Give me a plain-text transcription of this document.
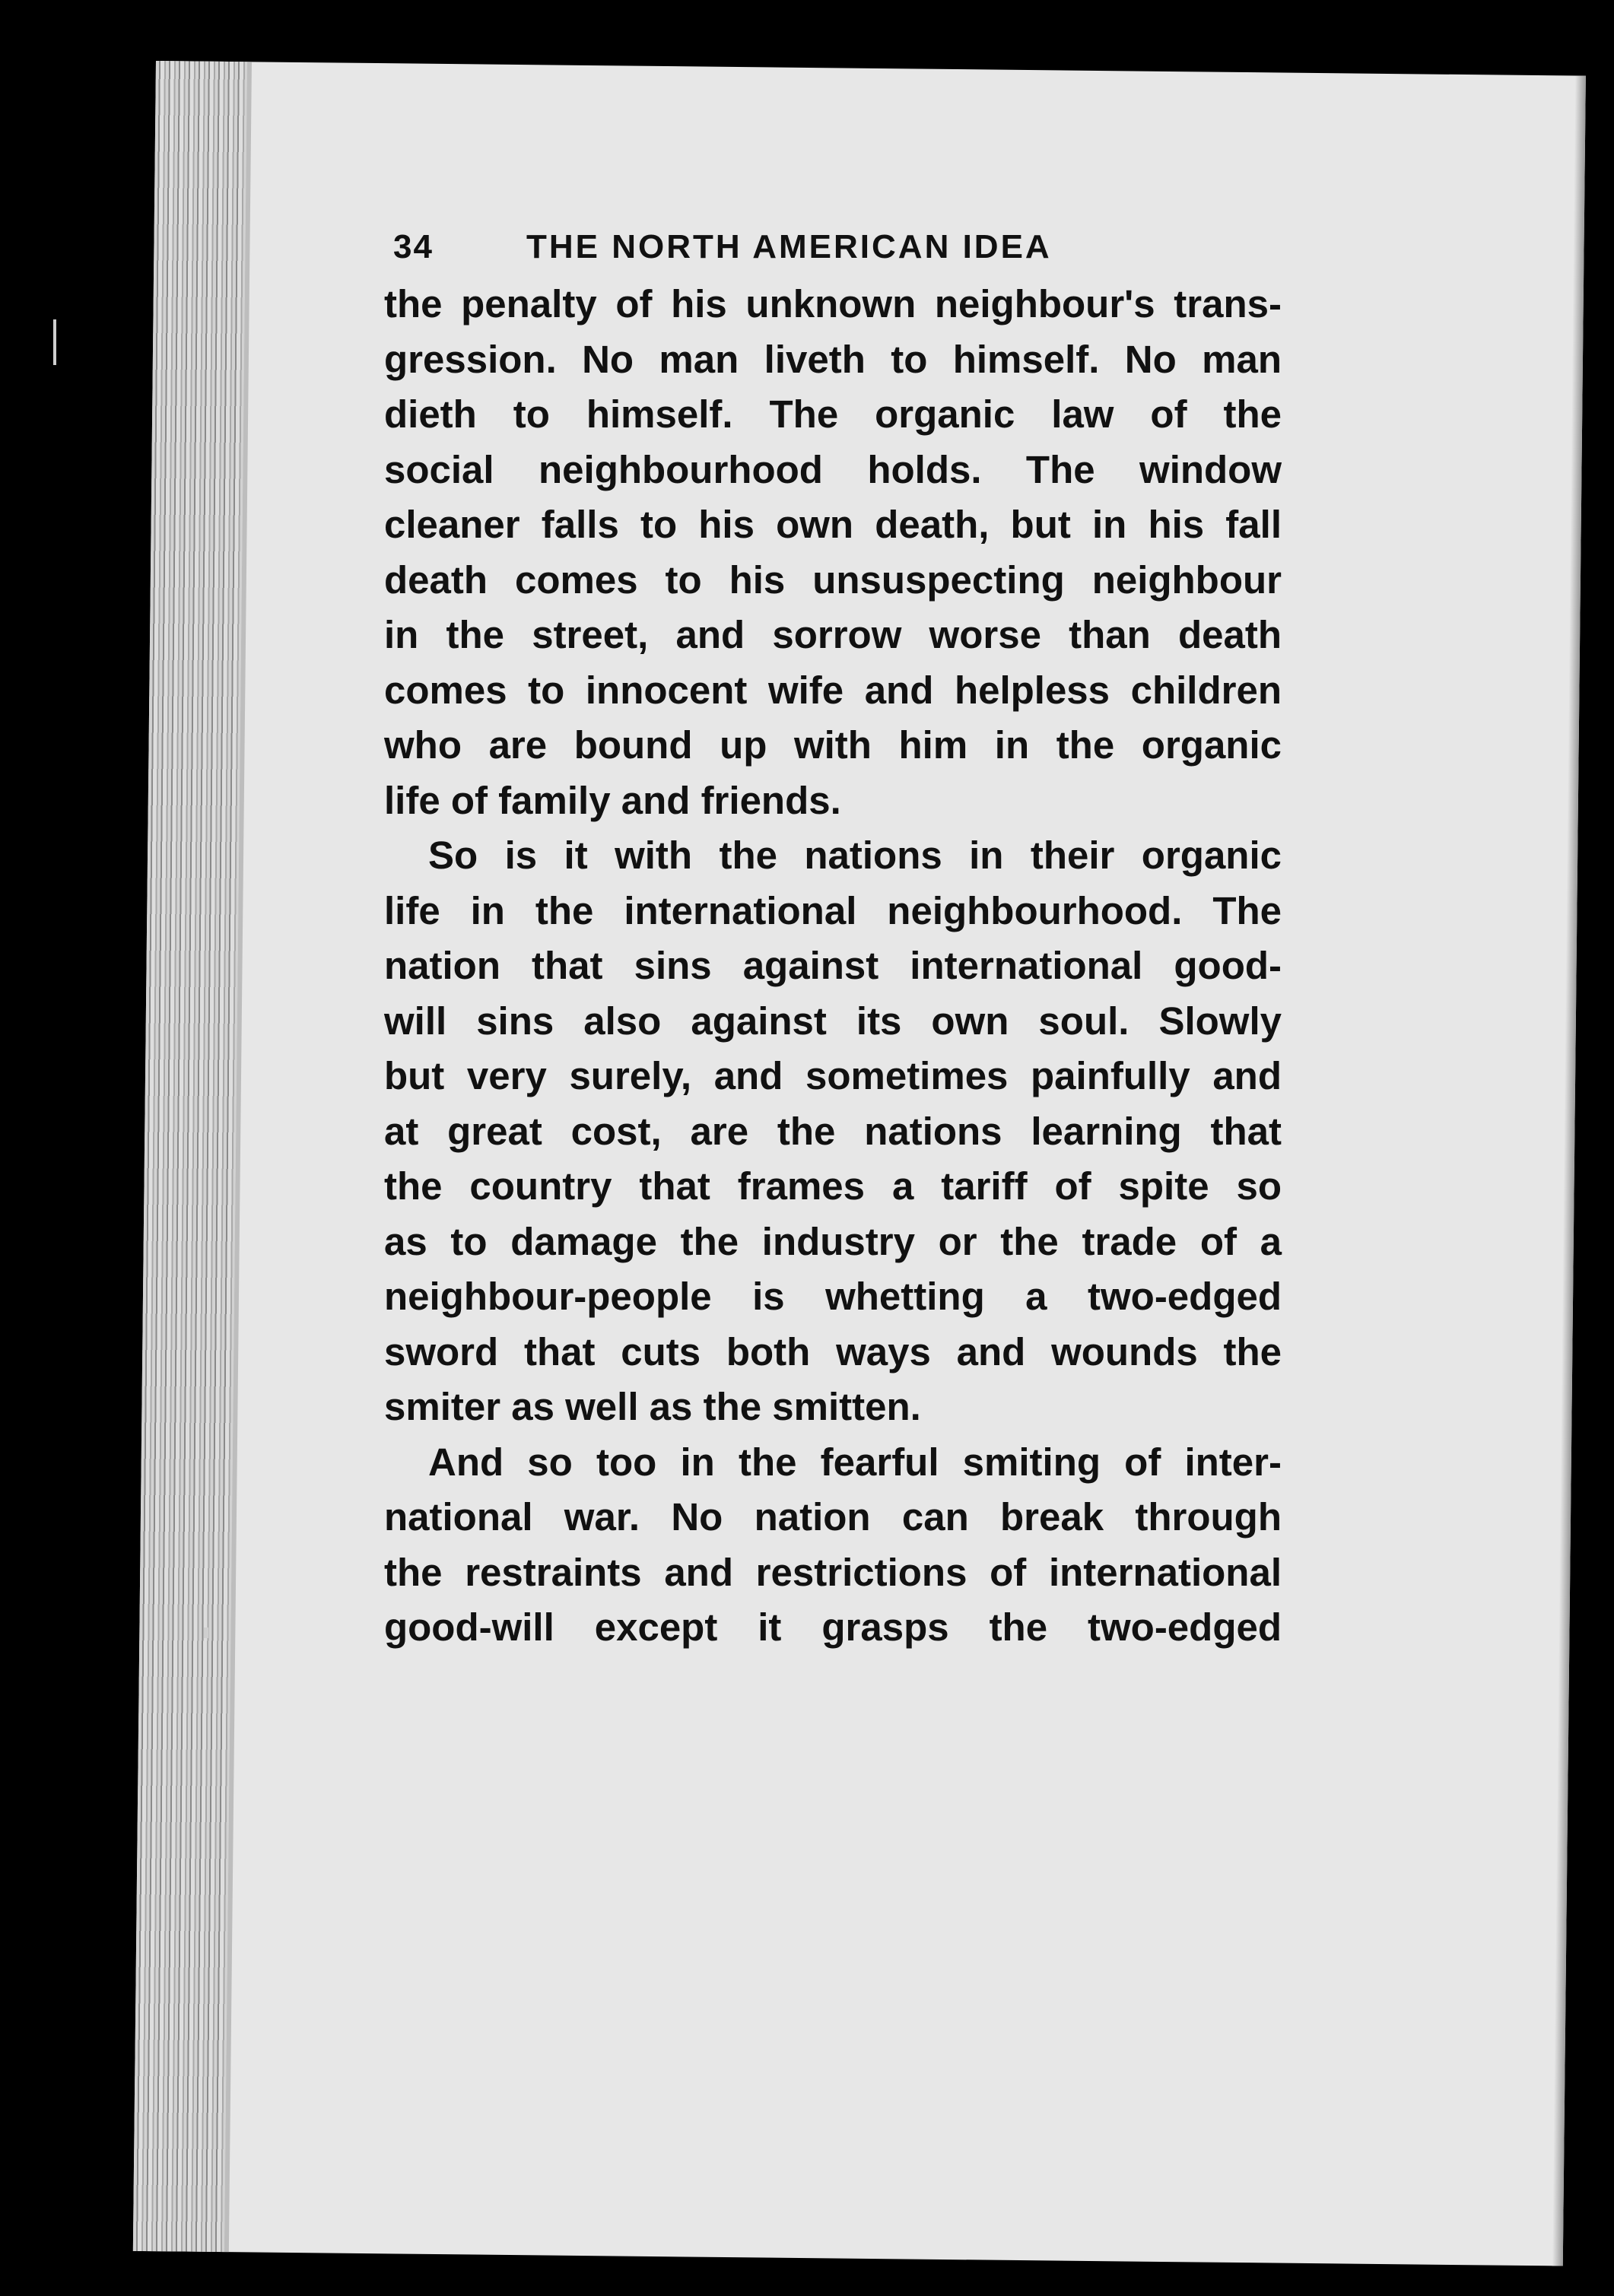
34	THE NORTH AMERICAN IDEA

the penalty of his unknown neighbour's trans-
gression. No man liveth to himself. No man
dieth to himself. The organic law of the
social neighbourhood holds. The window
cleaner falls to his own death, but in his fall
death comes to his unsuspecting neighbour
in the street, and sorrow worse than death
comes to innocent wife and helpless children
who are bound up with him in the organic
life of family and friends.

So is it with the nations in their organic
life in the international neighbourhood. The
nation that sins against international good-
will sins also against its own soul. Slowly
but very surely, and sometimes painfully and
at great cost, are the nations learning that
the country that frames a tariff of spite so
as to damage the industry or the trade of a
neighbour-people is whetting a two-edged
sword that cuts both ways and wounds the
smiter as well as the smitten.

And so too in the fearful smiting of inter-
national war. No nation can break through
the restraints and restrictions of international
good-will except it grasps the two-edged
